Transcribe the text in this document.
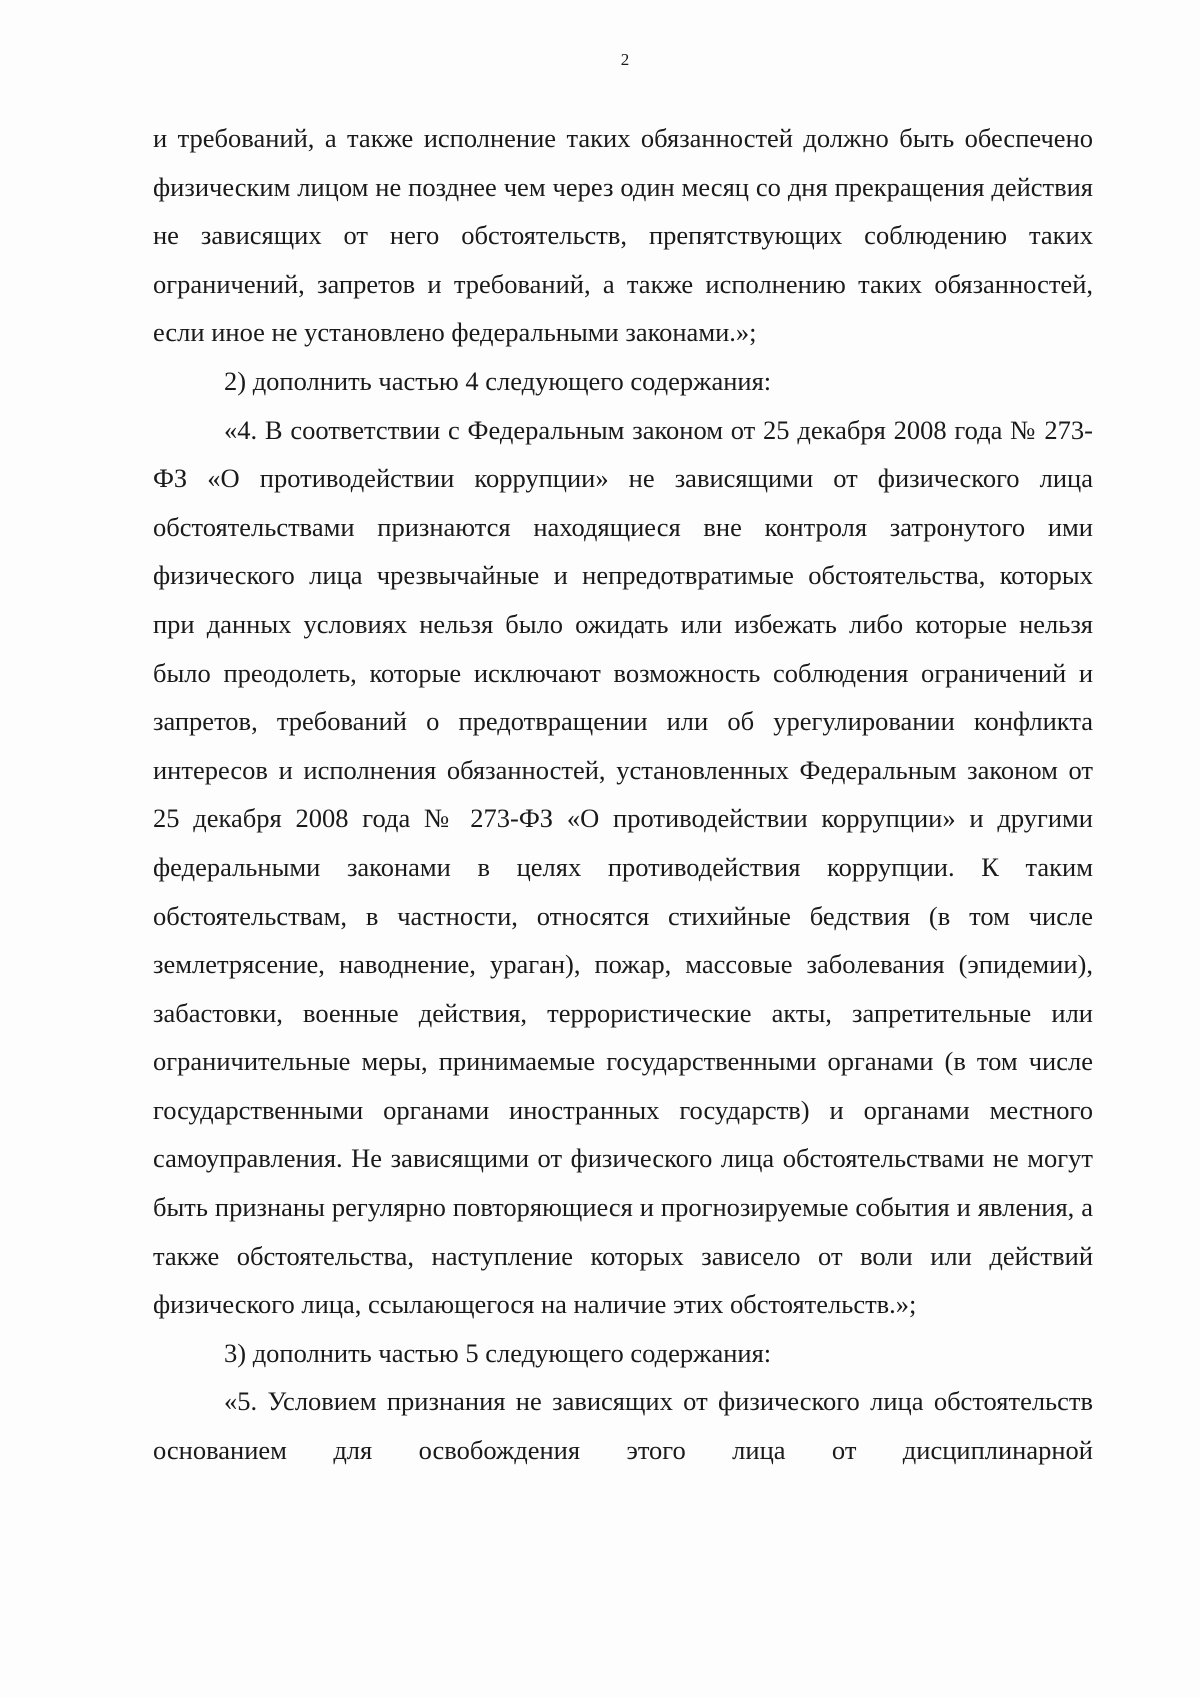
2

и требований, а также исполнение таких обязанностей должно быть обеспечено физическим лицом не позднее чем через один месяц со дня прекращения действия не зависящих от него обстоятельств, препятствующих соблюдению таких ограничений, запретов и требований, а также исполнению таких обязанностей, если иное не установлено федеральными законами.»;

2) дополнить частью 4 следующего содержания:

«4. В соответствии с Федеральным законом от 25 декабря 2008 года № 273-ФЗ «О противодействии коррупции» не зависящими от физического лица обстоятельствами признаются находящиеся вне контроля затронутого ими физического лица чрезвычайные и непредотвратимые обстоятельства, которых при данных условиях нельзя было ожидать или избежать либо которые нельзя было преодолеть, которые исключают возможность соблюдения ограничений и запретов, требований о предотвращении или об урегулировании конфликта интересов и исполнения обязанностей, установленных Федеральным законом от 25 декабря 2008 года № 273-ФЗ «О противодействии коррупции» и другими федеральными законами в целях противодействия коррупции. К таким обстоятельствам, в частности, относятся стихийные бедствия (в том числе землетрясение, наводнение, ураган), пожар, массовые заболевания (эпидемии), забастовки, военные действия, террористические акты, запретительные или ограничительные меры, принимаемые государственными органами (в том числе государственными органами иностранных государств) и органами местного самоуправления. Не зависящими от физического лица обстоятельствами не могут быть признаны регулярно повторяющиеся и прогнозируемые события и явления, а также обстоятельства, наступление которых зависело от воли или действий физического лица, ссылающегося на наличие этих обстоятельств.»;

3) дополнить частью 5 следующего содержания:

«5. Условием признания не зависящих от физического лица обстоятельств основанием для освобождения этого лица от дисциплинарной
